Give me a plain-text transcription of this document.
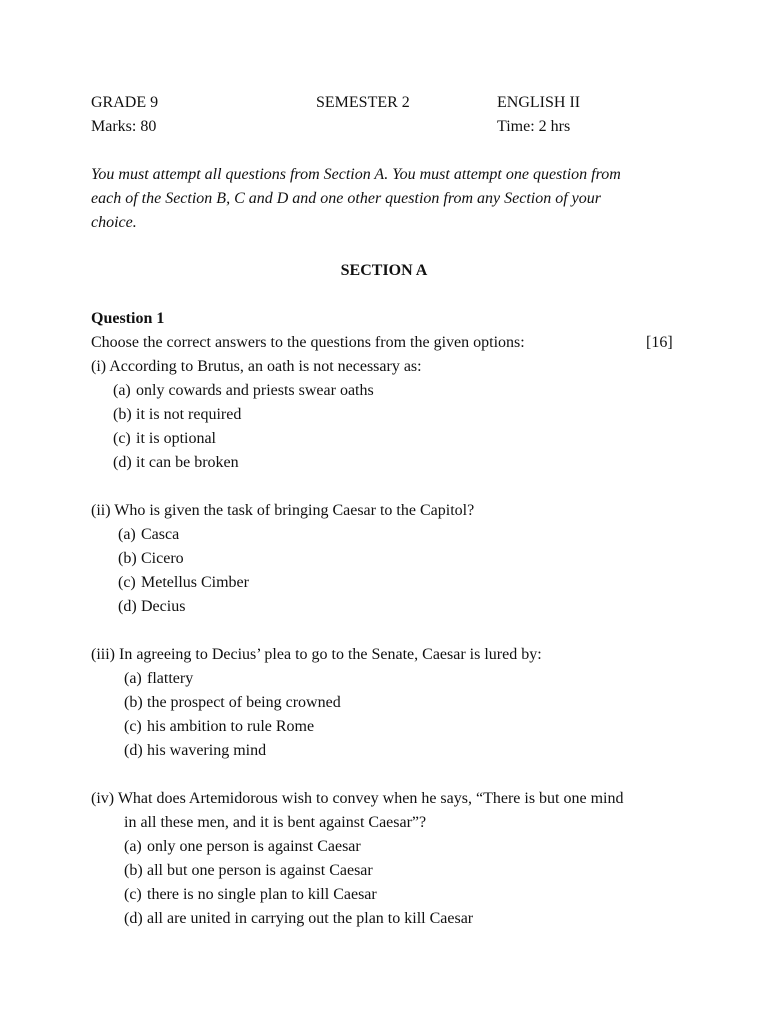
GRADE 9	SEMESTER 2	ENGLISH II
Marks: 80	Time: 2 hrs
You must attempt all questions from Section A. You must attempt one question from
each of the Section B, C and D and one other question from any Section of your
choice.
SECTION A
Question 1
Choose the correct answers to the questions from the given options:	[16]
(i) According to Brutus, an oath is not necessary as:
(a) only cowards and priests swear oaths
(b) it is not required
(c) it is optional
(d) it can be broken
(ii) Who is given the task of bringing Caesar to the Capitol?
(a) Casca
(b) Cicero
(c) Metellus Cimber
(d) Decius
(iii) In agreeing to Decius’ plea to go to the Senate, Caesar is lured by:
(a) flattery
(b) the prospect of being crowned
(c) his ambition to rule Rome
(d) his wavering mind
(iv) What does Artemidorous wish to convey when he says, “There is but one mind
in all these men, and it is bent against Caesar”?
(a) only one person is against Caesar
(b) all but one person is against Caesar
(c) there is no single plan to kill Caesar
(d) all are united in carrying out the plan to kill Caesar
